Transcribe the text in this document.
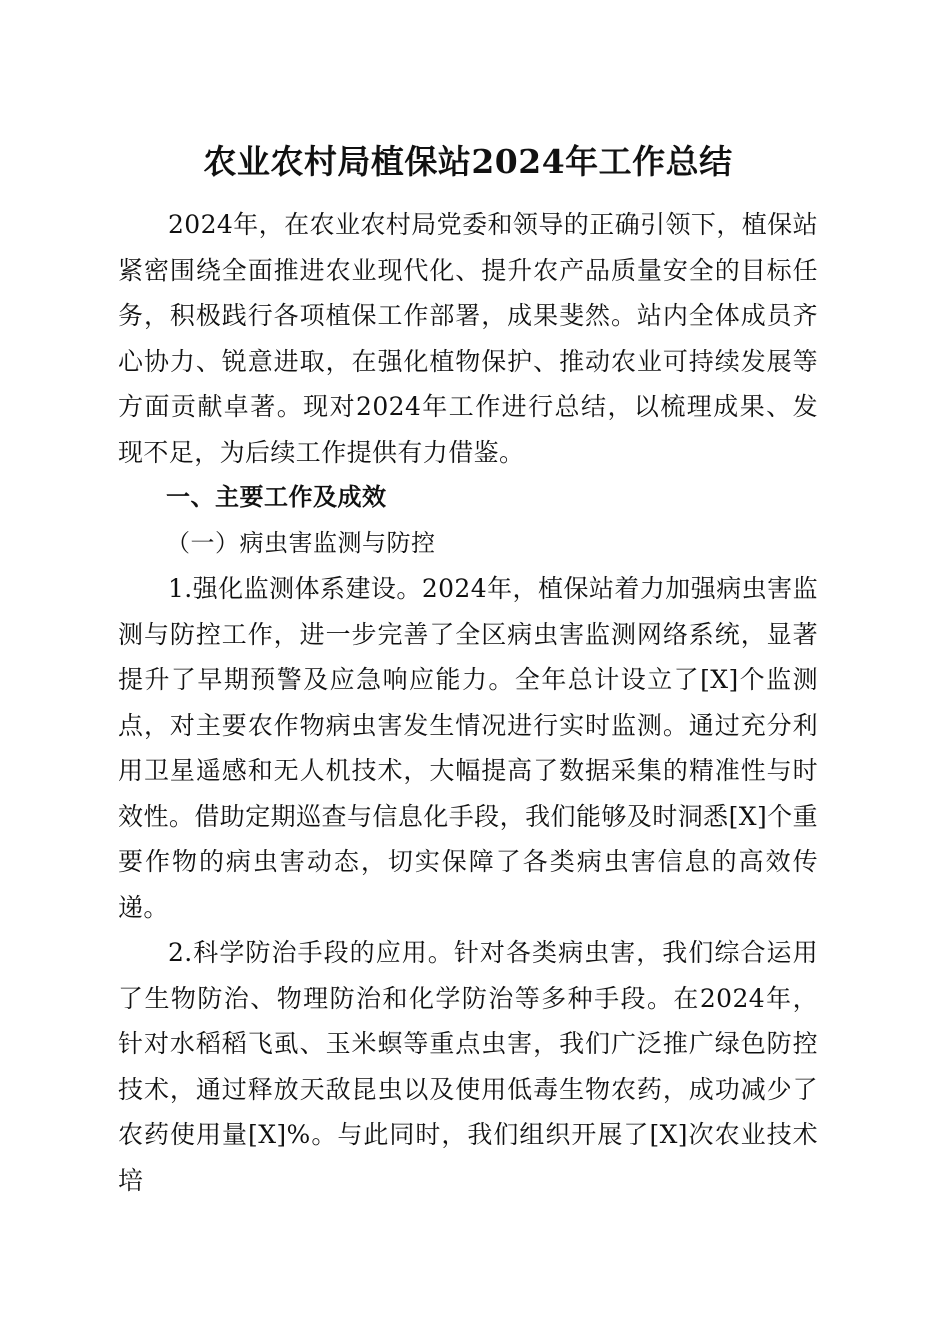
农业农村局植保站2024年工作总结

2024年，在农业农村局党委和领导的正确引领下，植保站紧密围绕全面推进农业现代化、提升农产品质量安全的目标任务，积极践行各项植保工作部署，成果斐然。站内全体成员齐心协力、锐意进取，在强化植物保护、推动农业可持续发展等方面贡献卓著。现对2024年工作进行总结，以梳理成果、发现不足，为后续工作提供有力借鉴。

一、主要工作及成效

（一）病虫害监测与防控

1.强化监测体系建设。2024年，植保站着力加强病虫害监测与防控工作，进一步完善了全区病虫害监测网络系统，显著提升了早期预警及应急响应能力。全年总计设立了[X]个监测点，对主要农作物病虫害发生情况进行实时监测。通过充分利用卫星遥感和无人机技术，大幅提高了数据采集的精准性与时效性。借助定期巡查与信息化手段，我们能够及时洞悉[X]个重要作物的病虫害动态，切实保障了各类病虫害信息的高效传递。

2.科学防治手段的应用。针对各类病虫害，我们综合运用了生物防治、物理防治和化学防治等多种手段。在2024年，针对水稻稻飞虱、玉米螟等重点虫害，我们广泛推广绿色防控技术，通过释放天敌昆虫以及使用低毒生物农药，成功减少了农药使用量[X]%。与此同时，我们组织开展了[X]次农业技术培
